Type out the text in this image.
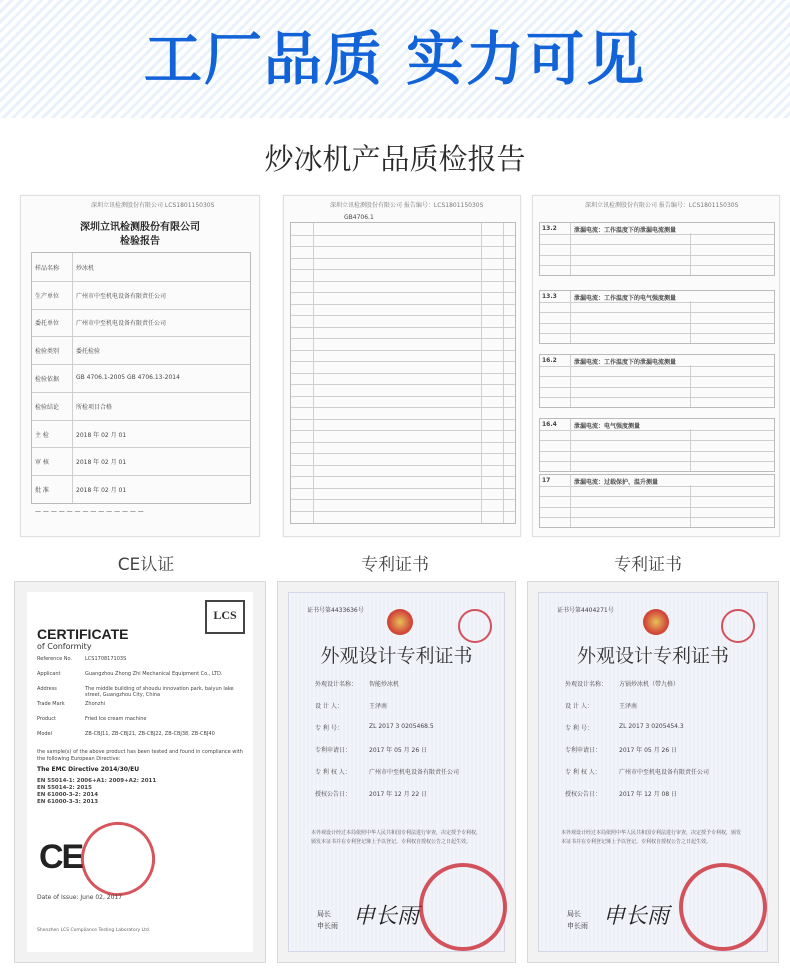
工厂品质 实力可见
炒冰机产品质检报告
深圳立讯检测股份有限公司 LCS180115030S
深圳立讯检测股份有限公司
检验报告
样品名称	炒冰机
生产单位	广州市中至机电设备有限责任公司
委托单位	广州市中至机电设备有限责任公司
检验类别	委托检验
检验依据	GB 4706.1-2005 GB 4706.13-2014
检验结论	所检项目合格
主 检	2018 年 02 月 01
审 核	2018 年 02 月 01
批 准	2018 年 02 月 01
— — — — — — — — — — — — — —
深圳立讯检测股份有限公司 报告编号：LCS180115030S
GB4706.1
深圳立讯检测股份有限公司 报告编号：LCS180115030S
13.2	泄漏电流：工作温度下的泄漏电流测量
13.3	泄漏电流：工作温度下的电气强度测量
16.2	泄漏电流：工作温度下的泄漏电流测量
16.4	泄漏电流：电气强度测量
17	泄漏电流：过载保护、温升测量
CE认证	专利证书	专利证书
LCS
CERTIFICATE
of Conformity
Reference No.	LCS170817103S
Applicant	Guangzhou Zhong Zhi Mechanical Equipment Co., LTD.
Address	The middle building of shoudu innovation park, baiyun lake street, Guangzhou City, China
Trade Mark	Zhonzhi
Product	Fried Ice cream machine
Model	ZB-CBJ11, ZB-CBJ21, ZB-CBJ22, ZB-CBJ38, ZB-CBJ40
the sample(s) of the above product has been tested and found in compliance with the following European Directive:
The EMC Directive 2014/30/EU
EN 55014-1: 2006+A1: 2009+A2: 2011
EN 55014-2: 2015
EN 61000-3-2: 2014
EN 61000-3-3: 2013
CE
Date of Issue: June 02, 2017
Shenzhen LCS Compliance Testing Laboratory Ltd.
证书号第4433636号
外观设计专利证书
外观设计名称： 智能炒冰机
设 计 人：	王泽南
专 利 号：	ZL 2017 3 0205468.5
专利申请日：	2017 年 05 月 26 日
专 利 权 人：	广州市中至机电设备有限责任公司
授权公告日：	2017 年 12 月 22 日
本外观设计经过本局依照中华人民共和国专利法进行审查，决定授予专利权，颁发本证书并在专利登记簿上予以登记。专利权自授权公告之日起生效。
局长
申长雨 申长雨
证书号第4404271号
外观设计专利证书
外观设计名称： 方锅炒冰机（带九格）
设 计 人：	王泽南
专 利 号：	ZL 2017 3 0205454.3
专利申请日：	2017 年 05 月 26 日
专 利 权 人：	广州市中至机电设备有限责任公司
授权公告日：	2017 年 12 月 08 日
本外观设计经过本局依照中华人民共和国专利法进行审查，决定授予专利权，颁发本证书并在专利登记簿上予以登记。专利权自授权公告之日起生效。
局长
申长雨 申长雨
